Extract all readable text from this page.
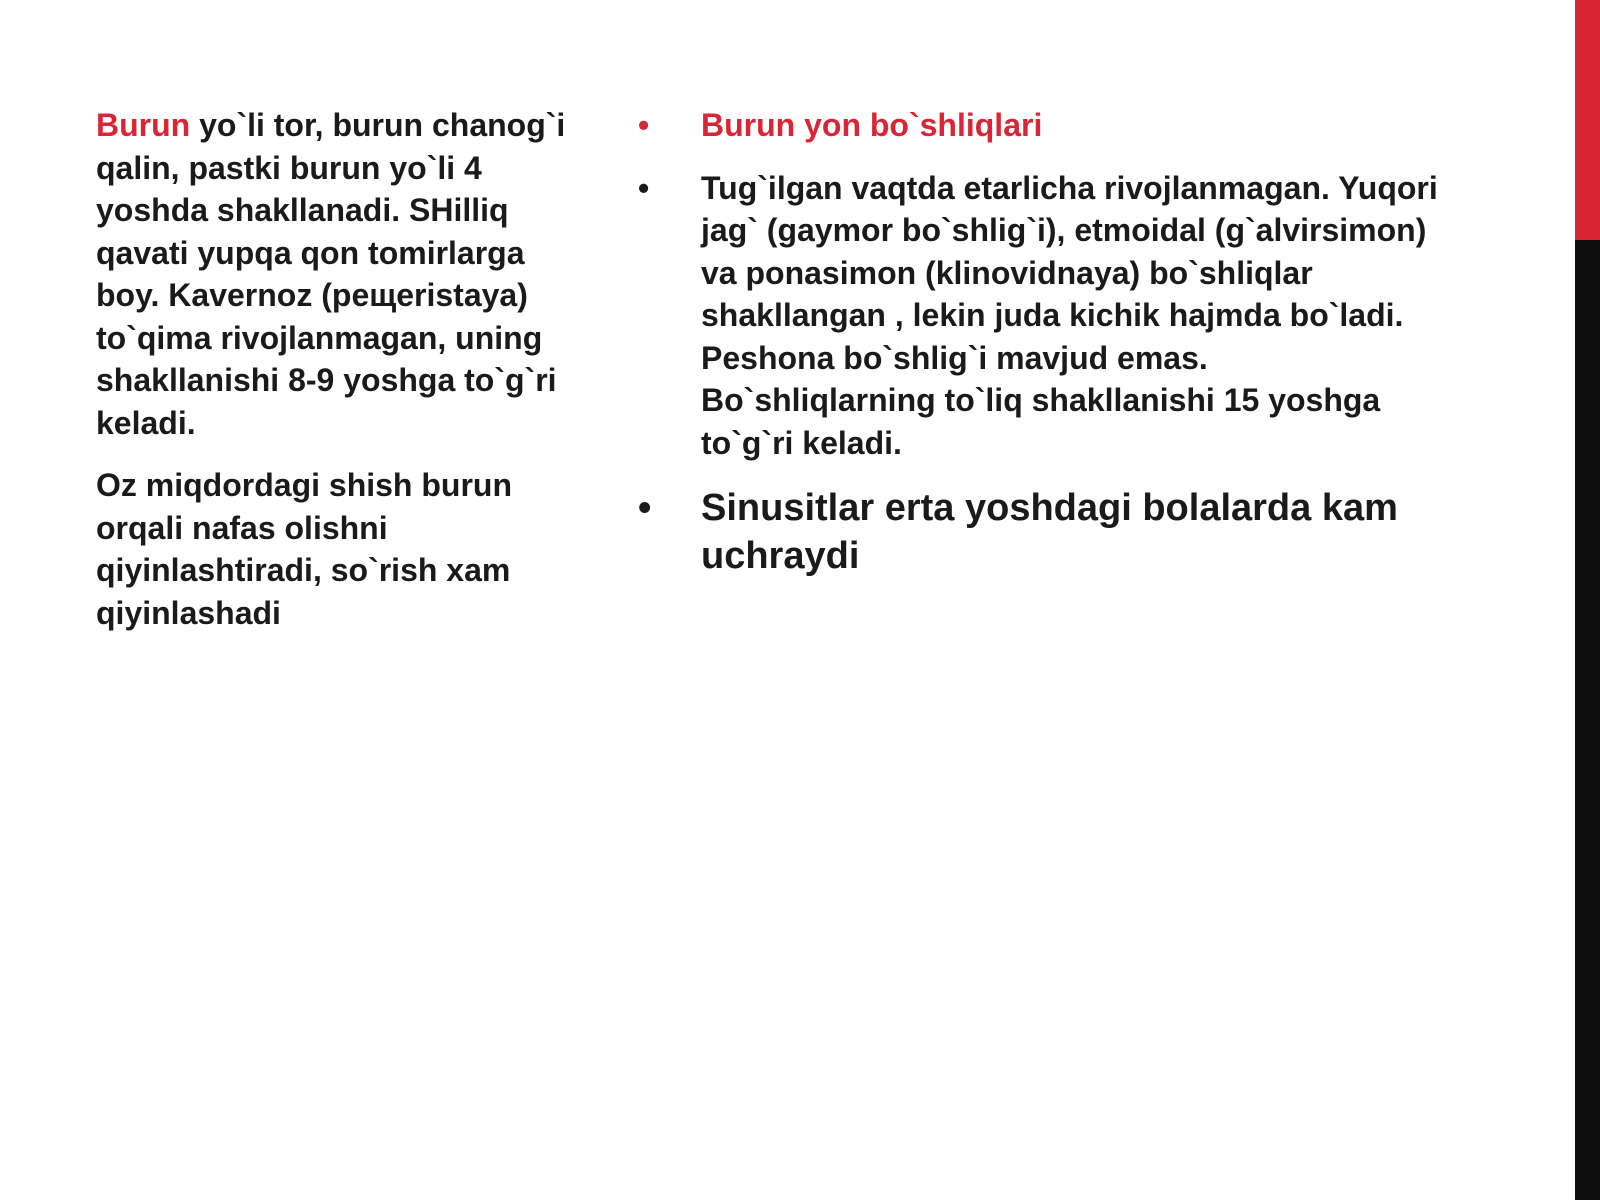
Burun yo`li tor, burun chanog`i qalin, pastki burun yo`li 4 yoshda shakllanadi. SHilliq qavati yupqa qon tomirlarga boy. Kavernoz (pещeristaya) to`qima rivojlanmagan, uning shakllanishi 8-9 yoshga to`g`ri keladi.

Oz miqdordagi shish burun orqali nafas olishni qiyinlashtiradi, so`rish xam qiyinlashadi

• Burun yon bo`shliqlari
• Tug`ilgan vaqtda etarlicha rivojlanmagan. Yuqori jag` (gaymor bo`shlig`i), etmoidal (g`alvirsimon) va ponasimon (klinovidnaya) bo`shliqlar shakllangan , lekin juda kichik hajmda bo`ladi. Peshona bo`shlig`i mavjud emas. Bo`shliqlarning to`liq shakllanishi 15 yoshga to`g`ri keladi.
• Sinusitlar erta yoshdagi bolalarda kam uchraydi
